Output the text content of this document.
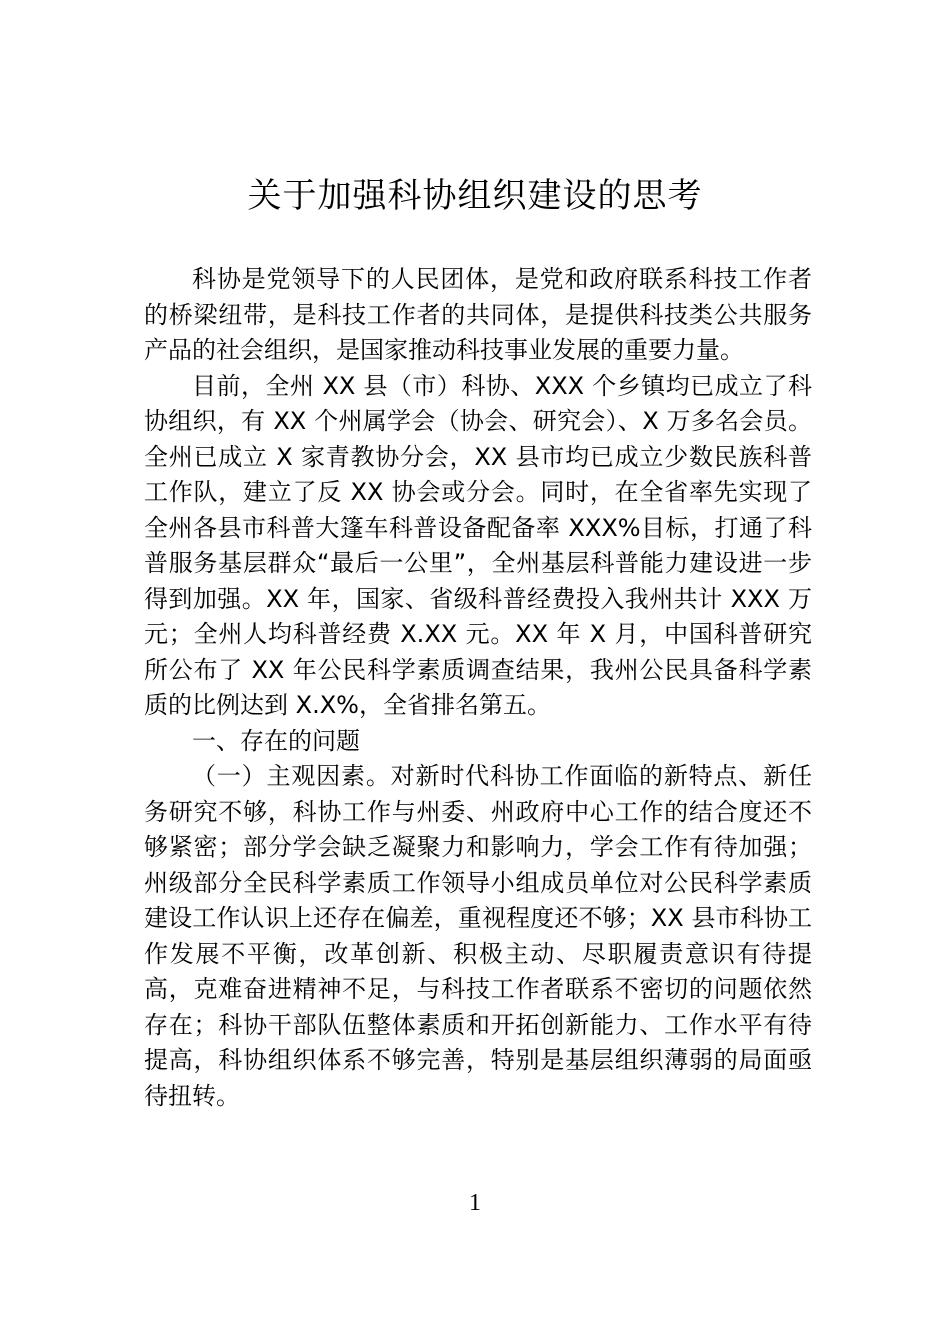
关于加强科协组织建设的思考

科协是党领导下的人民团体，是党和政府联系科技工作者的桥梁纽带，是科技工作者的共同体，是提供科技类公共服务产品的社会组织，是国家推动科技事业发展的重要力量。

目前，全州 XX 县（市）科协、XXX 个乡镇均已成立了科协组织，有 XX 个州属学会（协会、研究会）、X 万多名会员。全州已成立 X 家青教协分会，XX 县市均已成立少数民族科普工作队，建立了反 XX 协会或分会。同时，在全省率先实现了全州各县市科普大篷车科普设备配备率 XXX%目标，打通了科普服务基层群众“最后一公里”，全州基层科普能力建设进一步得到加强。XX 年，国家、省级科普经费投入我州共计 XXX 万元；全州人均科普经费 X.XX 元。XX 年 X 月，中国科普研究所公布了 XX 年公民科学素质调查结果，我州公民具备科学素质的比例达到 X.X%，全省排名第五。

一、存在的问题

（一）主观因素。对新时代科协工作面临的新特点、新任务研究不够，科协工作与州委、州政府中心工作的结合度还不够紧密；部分学会缺乏凝聚力和影响力，学会工作有待加强；州级部分全民科学素质工作领导小组成员单位对公民科学素质建设工作认识上还存在偏差，重视程度还不够；XX 县市科协工作发展不平衡，改革创新、积极主动、尽职履责意识有待提高，克难奋进精神不足，与科技工作者联系不密切的问题依然存在；科协干部队伍整体素质和开拓创新能力、工作水平有待提高，科协组织体系不够完善，特别是基层组织薄弱的局面亟待扭转。

1
